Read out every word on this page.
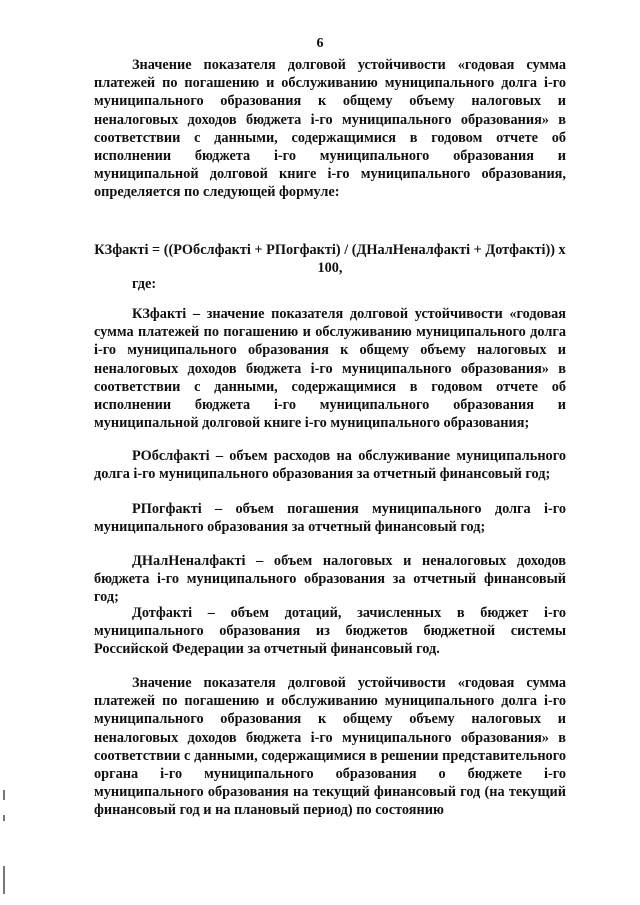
6

Значение показателя долговой устойчивости «годовая сумма платежей по погашению и обслуживанию муниципального долга i-го муниципального образования к общему объему налоговых и неналоговых доходов бюджета i-го муниципального образования» в соответствии с данными, содержащимися в годовом отчете об исполнении бюджета i-го муниципального образования и муниципальной долговой книге i-го муниципального образования, определяется по следующей формуле:

КЗфакті = ((РОбслфакті + РПогфакті) / (ДНалНеналфакті + Дотфакті)) x 100,

где:

КЗфакті – значение показателя долговой устойчивости «годовая сумма платежей по погашению и обслуживанию муниципального долга i-го муниципального образования к общему объему налоговых и неналоговых доходов бюджета i-го муниципального образования» в соответствии с данными, содержащимися в годовом отчете об исполнении бюджета i-го муниципального образования и муниципальной долговой книге i-го муниципального образования;

РОбслфакті – объем расходов на обслуживание муниципального долга i-го муниципального образования за отчетный финансовый год;

РПогфакті – объем погашения муниципального долга i-го муниципального образования за отчетный финансовый год;

ДНалНеналфакті – объем налоговых и неналоговых доходов бюджета i-го муниципального образования за отчетный финансовый год;

Дотфакті – объем дотаций, зачисленных в бюджет i-го муниципального образования из бюджетов бюджетной системы Российской Федерации за отчетный финансовый год.

Значение показателя долговой устойчивости «годовая сумма платежей по погашению и обслуживанию муниципального долга i-го муниципального образования к общему объему налоговых и неналоговых доходов бюджета i-го муниципального образования» в соответствии с данными, содержащимися в решении представительного органа i-го муниципального образования о бюджете i-го муниципального образования на текущий финансовый год (на текущий финансовый год и на плановый период) по состоянию
